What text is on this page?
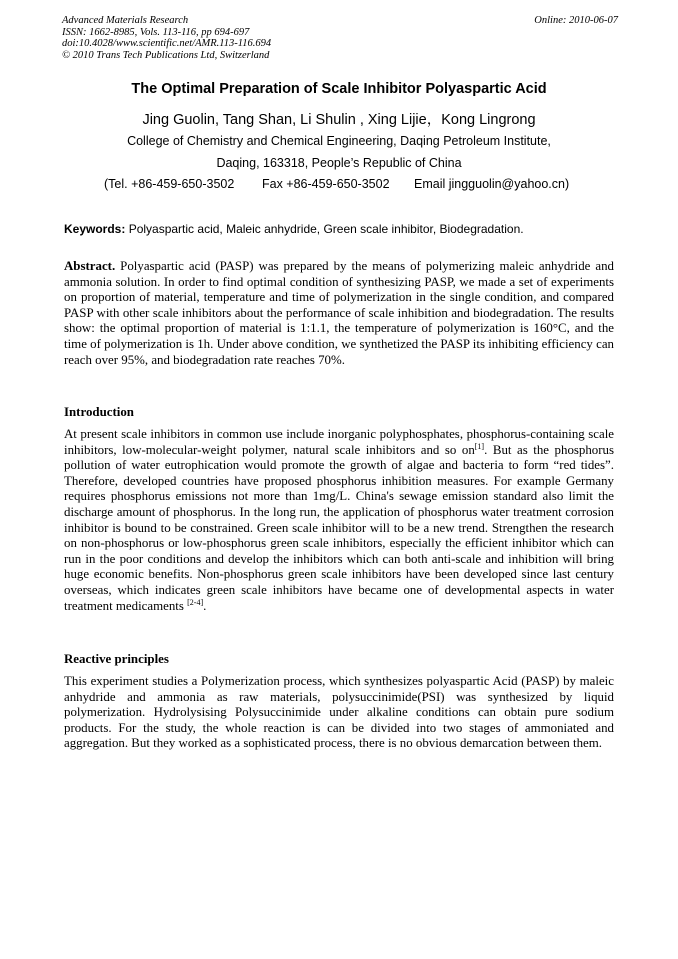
Advanced Materials Research
ISSN: 1662-8985, Vols. 113-116, pp 694-697
doi:10.4028/www.scientific.net/AMR.113-116.694
© 2010 Trans Tech Publications Ltd, Switzerland
Online: 2010-06-07
The Optimal Preparation of Scale Inhibitor Polyaspartic Acid
Jing Guolin, Tang Shan, Li Shulin , Xing Lijie，Kong Lingrong
College of Chemistry and Chemical Engineering, Daqing Petroleum Institute,
Daqing, 163318, People’s Republic of China
(Tel. +86-459-650-3502 Fax +86-459-650-3502 Email jingguolin@yahoo.cn)
Keywords: Polyaspartic acid, Maleic anhydride, Green scale inhibitor, Biodegradation.
Abstract. Polyaspartic acid (PASP) was prepared by the means of polymerizing maleic anhydride and ammonia solution. In order to find optimal condition of synthesizing PASP, we made a set of experiments on proportion of material, temperature and time of polymerization in the single condition, and compared PASP with other scale inhibitors about the performance of scale inhibition and biodegradation. The results show: the optimal proportion of material is 1:1.1, the temperature of polymerization is 160°C, and the time of polymerization is 1h. Under above condition, we synthetized the PASP its inhibiting efficiency can reach over 95%, and biodegradation rate reaches 70%.
Introduction
At present scale inhibitors in common use include inorganic polyphosphates, phosphorus-containing scale inhibitors, low-molecular-weight polymer, natural scale inhibitors and so on[1]. But as the phosphorus pollution of water eutrophication would promote the growth of algae and bacteria to form “red tides”. Therefore, developed countries have proposed phosphorus inhibition measures. For example Germany requires phosphorus emissions not more than 1mg/L. China's sewage emission standard also limit the discharge amount of phosphorus. In the long run, the application of phosphorus water treatment corrosion inhibitor is bound to be constrained. Green scale inhibitor will to be a new trend. Strengthen the research on non-phosphorus or low-phosphorus green scale inhibitors, especially the efficient inhibitor which can run in the poor conditions and develop the inhibitors which can both anti-scale and inhibition will bring huge economic benefits. Non-phosphorus green scale inhibitors have been developed since last century overseas, which indicates green scale inhibitors have became one of developmental aspects in water treatment medicaments [2-4].
Reactive principles
This experiment studies a Polymerization process, which synthesizes polyaspartic Acid (PASP) by maleic anhydride and ammonia as raw materials, polysuccinimide(PSI) was synthesized by liquid polymerization. Hydrolysising Polysuccinimide under alkaline conditions can obtain pure sodium products. For the study, the whole reaction is can be divided into two stages of ammoniated and aggregation. But they worked as a sophisticated process, there is no obvious demarcation between them.
